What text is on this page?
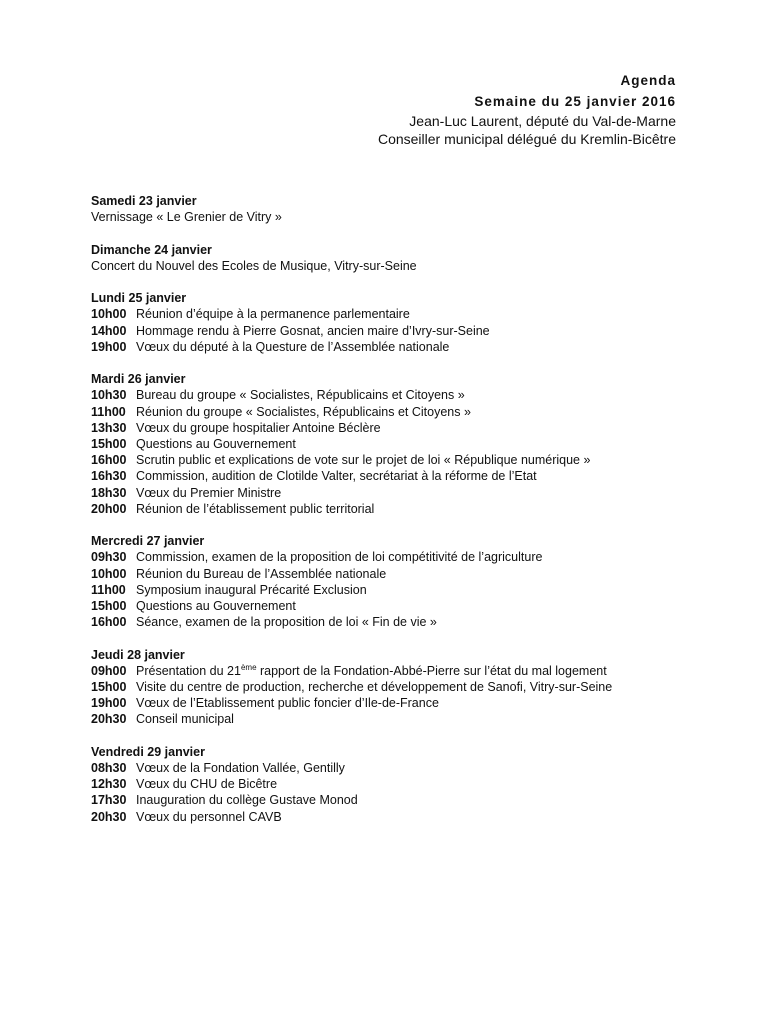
Agenda
Semaine du 25 janvier 2016
Jean-Luc Laurent, député du Val-de-Marne
Conseiller municipal délégué du Kremlin-Bicêtre
Samedi 23 janvier
Vernissage « Le Grenier de Vitry »
Dimanche 24 janvier
Concert du Nouvel des Ecoles de Musique, Vitry-sur-Seine
Lundi 25 janvier
10h00 Réunion d’équipe à la permanence parlementaire
14h00 Hommage rendu à Pierre Gosnat, ancien maire d’Ivry-sur-Seine
19h00 Vœux du député à la Questure de l’Assemblée nationale
Mardi 26 janvier
10h30 Bureau du groupe « Socialistes, Républicains et Citoyens »
11h00 Réunion du groupe « Socialistes, Républicains et Citoyens »
13h30 Vœux du groupe hospitalier Antoine Béclère
15h00 Questions au Gouvernement
16h00 Scrutin public et explications de vote sur le projet de loi « République numérique »
16h30 Commission, audition de Clotilde Valter, secrétariat à la réforme de l’Etat
18h30 Vœux du Premier Ministre
20h00 Réunion de l’établissement public territorial
Mercredi 27 janvier
09h30 Commission, examen de la proposition de loi compétitivité de l’agriculture
10h00 Réunion du Bureau de l’Assemblée nationale
11h00 Symposium inaugural Précarité Exclusion
15h00 Questions au Gouvernement
16h00 Séance, examen de la proposition de loi « Fin de vie »
Jeudi 28 janvier
09h00 Présentation du 21ème rapport de la Fondation-Abbé-Pierre sur l’état du mal logement
15h00 Visite du centre de production, recherche et développement de Sanofi, Vitry-sur-Seine
19h00 Vœux de l’Etablissement public foncier d’Ile-de-France
20h30 Conseil municipal
Vendredi 29 janvier
08h30 Vœux de la Fondation Vallée, Gentilly
12h30 Vœux du CHU de Bicêtre
17h30 Inauguration du collège Gustave Monod
20h30 Vœux du personnel CAVB
